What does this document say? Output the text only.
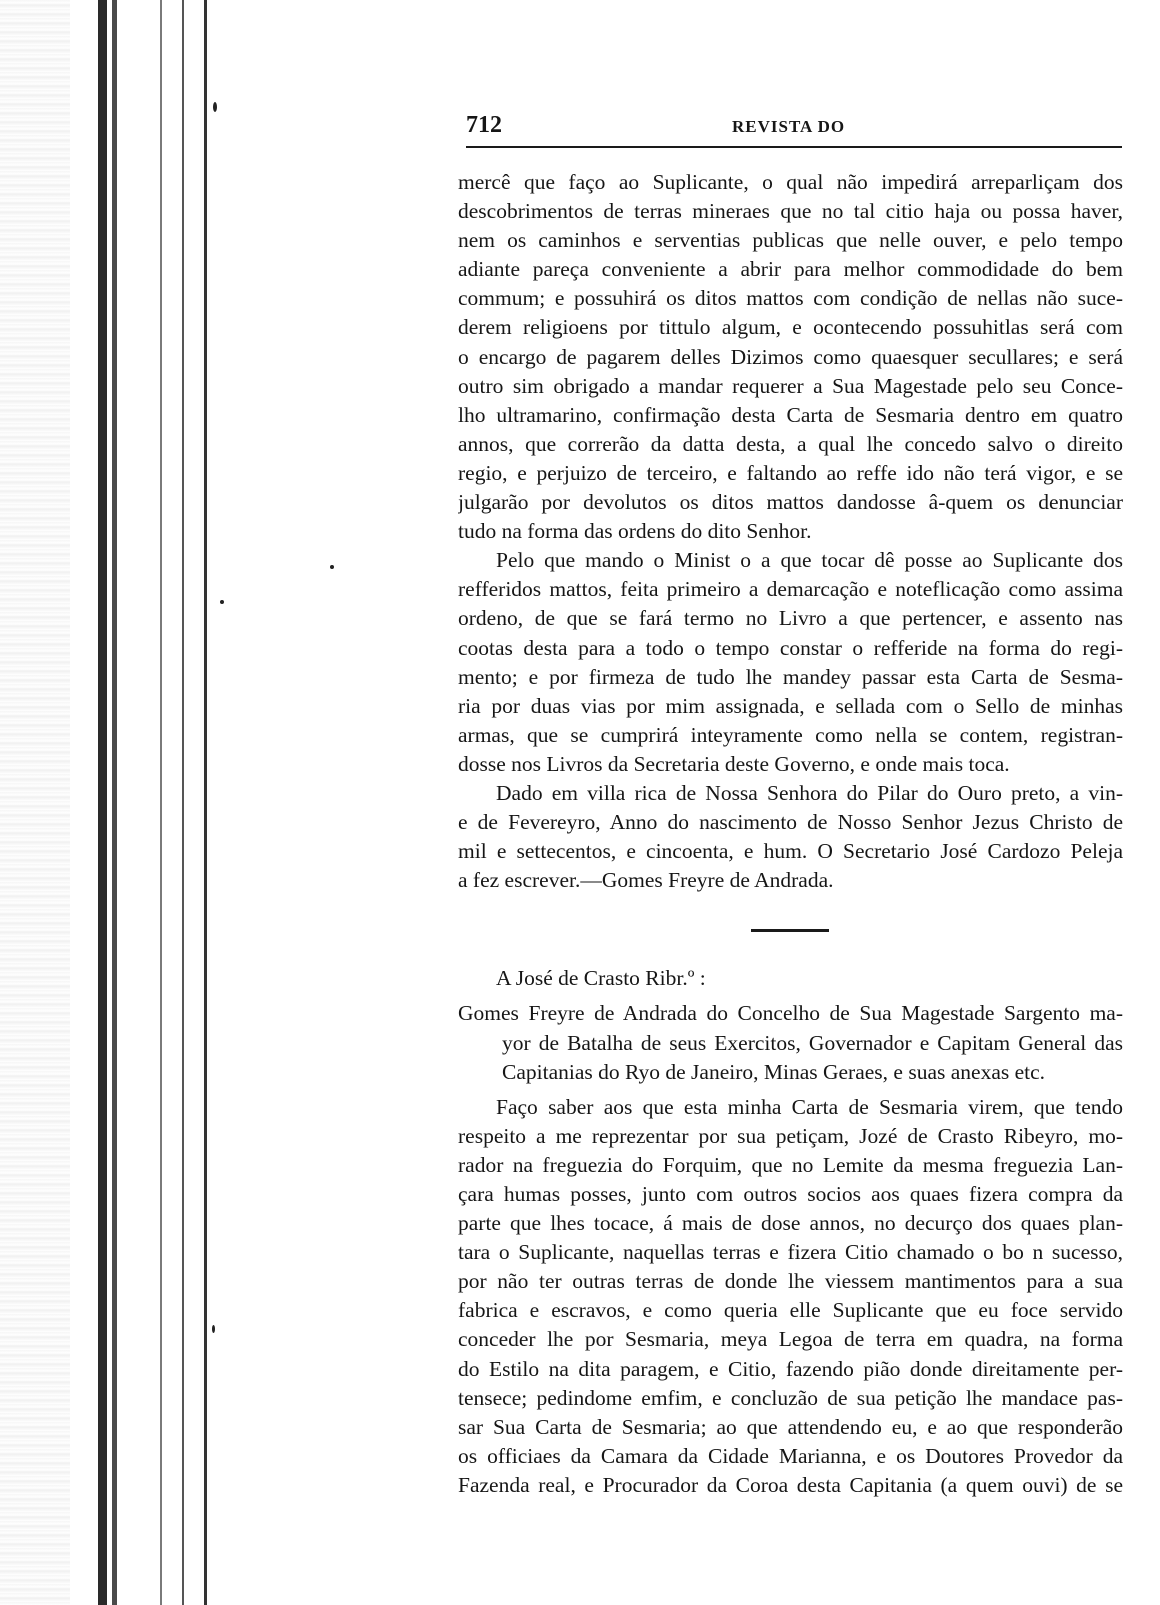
712	REVISTA DO
mercê que faço ao Suplicante, o qual não impedirá arreparliçam dos
descobrimentos de terras mineraes que no tal citio haja ou possa haver,
nem os caminhos e serventias publicas que nelle ouver, e pelo tempo
adiante pareça conveniente a abrir para melhor commodidade do bem
commum; e possuhirá os ditos mattos com condição de nellas não suce-
derem religioens por tittulo algum, e ocontecendo possuhitlas será com
o encargo de pagarem delles Dizimos como quaesquer secullares; e será
outro sim obrigado a mandar requerer a Sua Magestade pelo seu Conce-
lho ultramarino, confirmação desta Carta de Sesmaria dentro em quatro
annos, que correrão da datta desta, a qual lhe concedo salvo o direito
regio, e perjuizo de terceiro, e faltando ao reffe ido não terá vigor, e se
julgarão por devolutos os ditos mattos dandosse â-quem os denunciar
tudo na forma das ordens do dito Senhor.
Pelo que mando o Minist o a que tocar dê posse ao Suplicante dos
refferidos mattos, feita primeiro a demarcação e noteflicação como assima
ordeno, de que se fará termo no Livro a que pertencer, e assento nas
cootas desta para a todo o tempo constar o refferide na forma do regi-
mento; e por firmeza de tudo lhe mandey passar esta Carta de Sesma-
ria por duas vias por mim assignada, e sellada com o Sello de minhas
armas, que se cumprirá inteyramente como nella se contem, registran-
dosse nos Livros da Secretaria deste Governo, e onde mais toca.
Dado em villa rica de Nossa Senhora do Pilar do Ouro preto, a vin-
e de Fevereyro, Anno do nascimento de Nosso Senhor Jezus Christo de
mil e settecentos, e cincoenta, e hum. O Secretario José Cardozo Peleja
a fez escrever.—Gomes Freyre de Andrada.
A José de Crasto Ribr.º :
Gomes Freyre de Andrada do Concelho de Sua Magestade Sargento ma-
yor de Batalha de seus Exercitos, Governador e Capitam General das
Capitanias do Ryo de Janeiro, Minas Geraes, e suas anexas etc.
Faço saber aos que esta minha Carta de Sesmaria virem, que tendo
respeito a me reprezentar por sua petiçam, Jozé de Crasto Ribeyro, mo-
rador na freguezia do Forquim, que no Lemite da mesma freguezia Lan-
çara humas posses, junto com outros socios aos quaes fizera compra da
parte que lhes tocace, á mais de dose annos, no decurço dos quaes plan-
tara o Suplicante, naquellas terras e fizera Citio chamado o bo n sucesso,
por não ter outras terras de donde lhe viessem mantimentos para a sua
fabrica e escravos, e como queria elle Suplicante que eu foce servido
conceder lhe por Sesmaria, meya Legoa de terra em quadra, na forma
do Estilo na dita paragem, e Citio, fazendo pião donde direitamente per-
tensece; pedindome emfim, e concluzão de sua petição lhe mandace pas-
sar Sua Carta de Sesmaria; ao que attendendo eu, e ao que responderão
os officiaes da Camara da Cidade Marianna, e os Doutores Provedor da
Fazenda real, e Procurador da Coroa desta Capitania (a quem ouvi) de se
